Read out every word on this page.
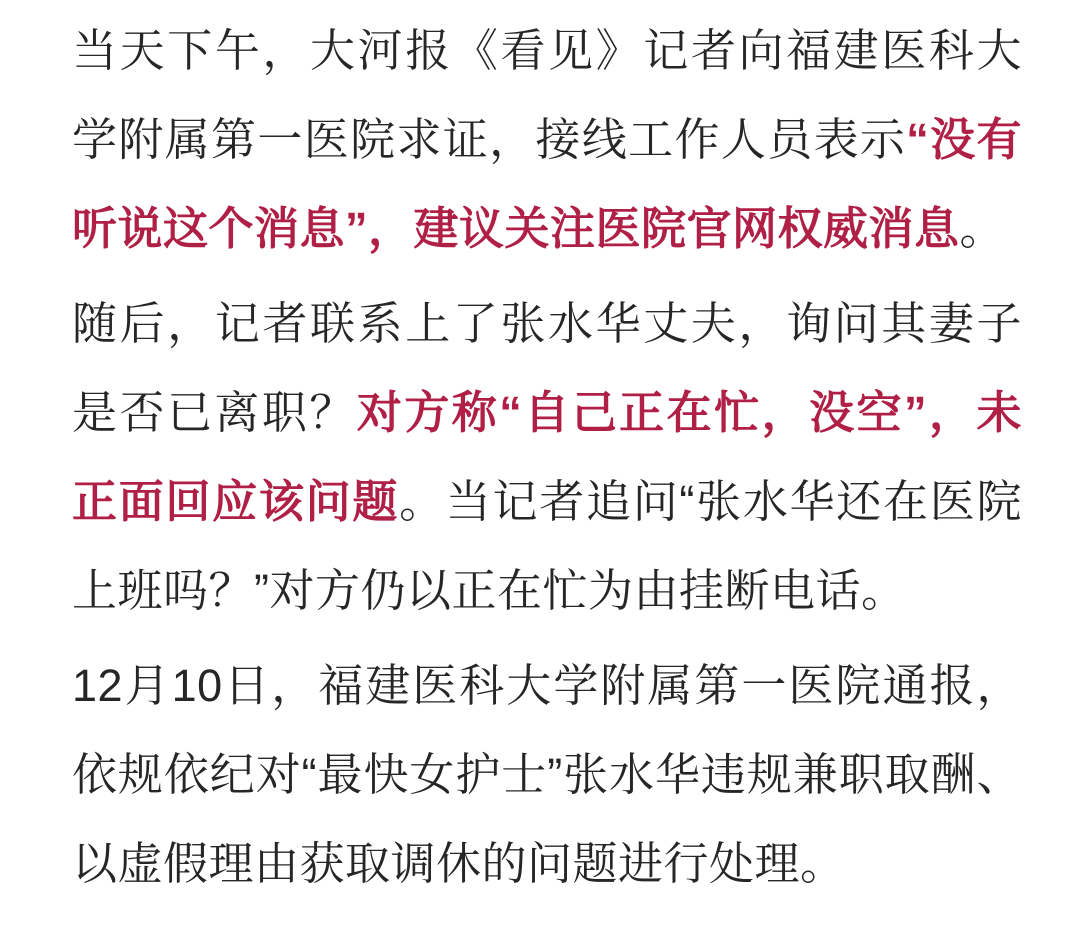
当天下午，大河报《看见》记者向福建医科大学附属第一医院求证，接线工作人员表示“没有听说这个消息”，建议关注医院官网权威消息。

随后，记者联系上了张水华丈夫，询问其妻子是否已离职？对方称“自己正在忙，没空”，未正面回应该问题。当记者追问“张水华还在医院上班吗？”对方仍以正在忙为由挂断电话。

12月10日，福建医科大学附属第一医院通报，依规依纪对“最快女护士”张水华违规兼职取酬、以虚假理由获取调休的问题进行处理。
